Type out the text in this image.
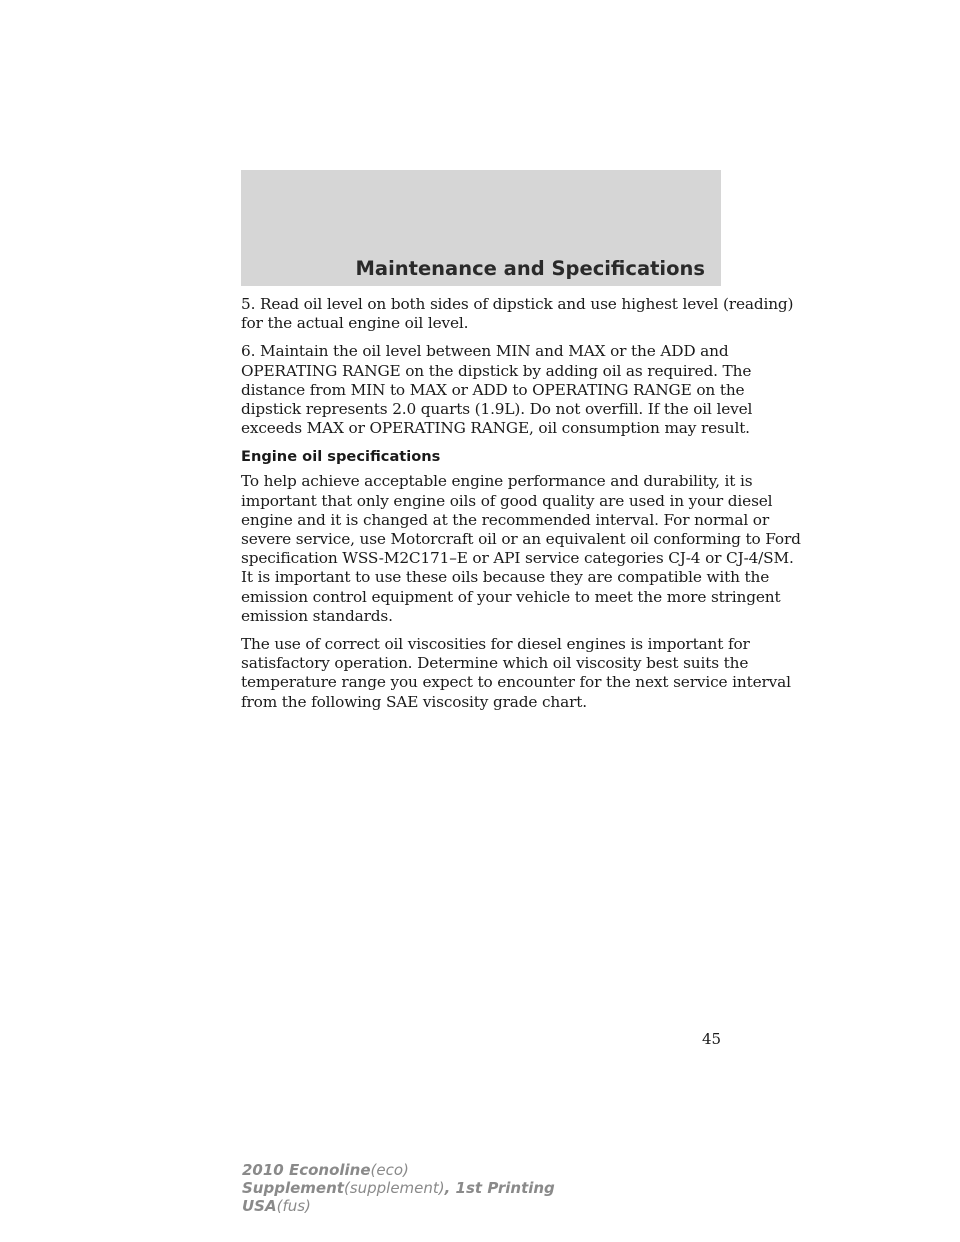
Maintenance and Specifications

5. Read oil level on both sides of dipstick and use highest level (reading)
for the actual engine oil level.

6. Maintain the oil level between MIN and MAX or the ADD and
OPERATING RANGE on the dipstick by adding oil as required. The
distance from MIN to MAX or ADD to OPERATING RANGE on the
dipstick represents 2.0 quarts (1.9L). Do not overfill. If the oil level
exceeds MAX or OPERATING RANGE, oil consumption may result.

Engine oil specifications

To help achieve acceptable engine performance and durability, it is
important that only engine oils of good quality are used in your diesel
engine and it is changed at the recommended interval. For normal or
severe service, use Motorcraft oil or an equivalent oil conforming to Ford
specification WSS-M2C171–E or API service categories CJ-4 or CJ-4/SM.
It is important to use these oils because they are compatible with the
emission control equipment of your vehicle to meet the more stringent
emission standards.

The use of correct oil viscosities for diesel engines is important for
satisfactory operation. Determine which oil viscosity best suits the
temperature range you expect to encounter for the next service interval
from the following SAE viscosity grade chart.

45
2010 Econoline(eco)
Supplement(supplement), 1st Printing
USA(fus)
